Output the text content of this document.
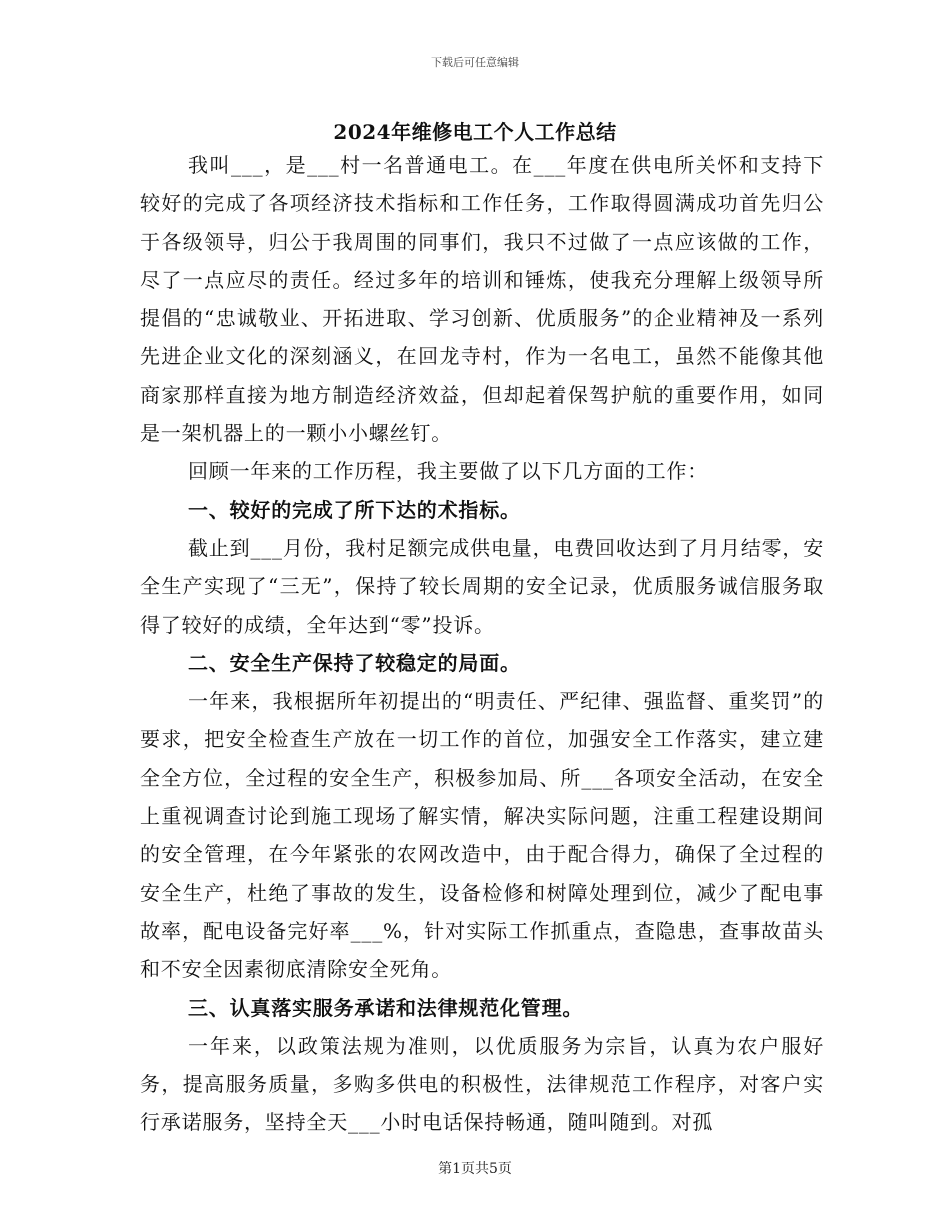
下载后可任意编辑
2024年维修电工个人工作总结

我叫___，是___村一名普通电工。在___年度在供电所关怀和支持下较好的完成了各项经济技术指标和工作任务，工作取得圆满成功首先归公于各级领导，归公于我周围的同事们，我只不过做了一点应该做的工作，尽了一点应尽的责任。经过多年的培训和锤炼，使我充分理解上级领导所提倡的“忠诚敬业、开拓进取、学习创新、优质服务”的企业精神及一系列先进企业文化的深刻涵义，在回龙寺村，作为一名电工，虽然不能像其他商家那样直接为地方制造经济效益，但却起着保驾护航的重要作用，如同是一架机器上的一颗小小螺丝钉。

回顾一年来的工作历程，我主要做了以下几方面的工作：

一、较好的完成了所下达的术指标。

截止到___月份，我村足额完成供电量，电费回收达到了月月结零，安全生产实现了“三无”，保持了较长周期的安全记录，优质服务诚信服务取得了较好的成绩，全年达到“零”投诉。

二、安全生产保持了较稳定的局面。

一年来，我根据所年初提出的“明责任、严纪律、强监督、重奖罚”的要求，把安全检查生产放在一切工作的首位，加强安全工作落实，建立建全全方位，全过程的安全生产，积极参加局、所___各项安全活动，在安全上重视调查讨论到施工现场了解实情，解决实际问题，注重工程建设期间的安全管理，在今年紧张的农网改造中，由于配合得力，确保了全过程的安全生产，杜绝了事故的发生，设备检修和树障处理到位，减少了配电事故率，配电设备完好率___%，针对实际工作抓重点，查隐患，查事故苗头和不安全因素彻底清除安全死角。

三、认真落实服务承诺和法律规范化管理。

一年来，以政策法规为准则，以优质服务为宗旨，认真为农户服好务，提高服务质量，多购多供电的积极性，法律规范工作程序，对客户实行承诺服务，坚持全天___小时电话保持畅通，随叫随到。对孤

第1页共5页
